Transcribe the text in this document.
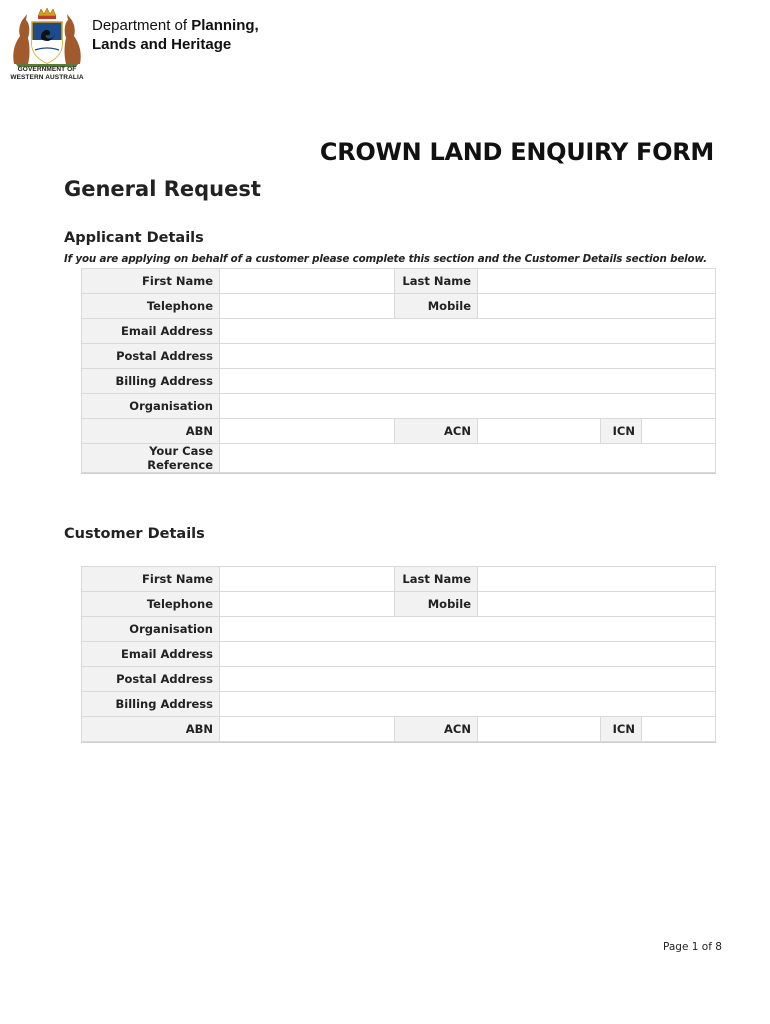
GOVERNMENT OF
WESTERN AUSTRALIA
Department of Planning,
Lands and Heritage
CROWN LAND ENQUIRY FORM
General Request
Applicant Details
If you are applying on behalf of a customer please complete this section and the Customer Details section below.
First Name		Last Name			
Telephone		Mobile			
Email Address					
Postal Address					
Billing Address					
Organisation					
ABN		ACN		ICN	
Your Case Reference					
Customer Details
First Name		Last Name			
Telephone		Mobile			
Organisation					
Email Address					
Postal Address					
Billing Address					
ABN		ACN		ICN	
Page 1 of 8
